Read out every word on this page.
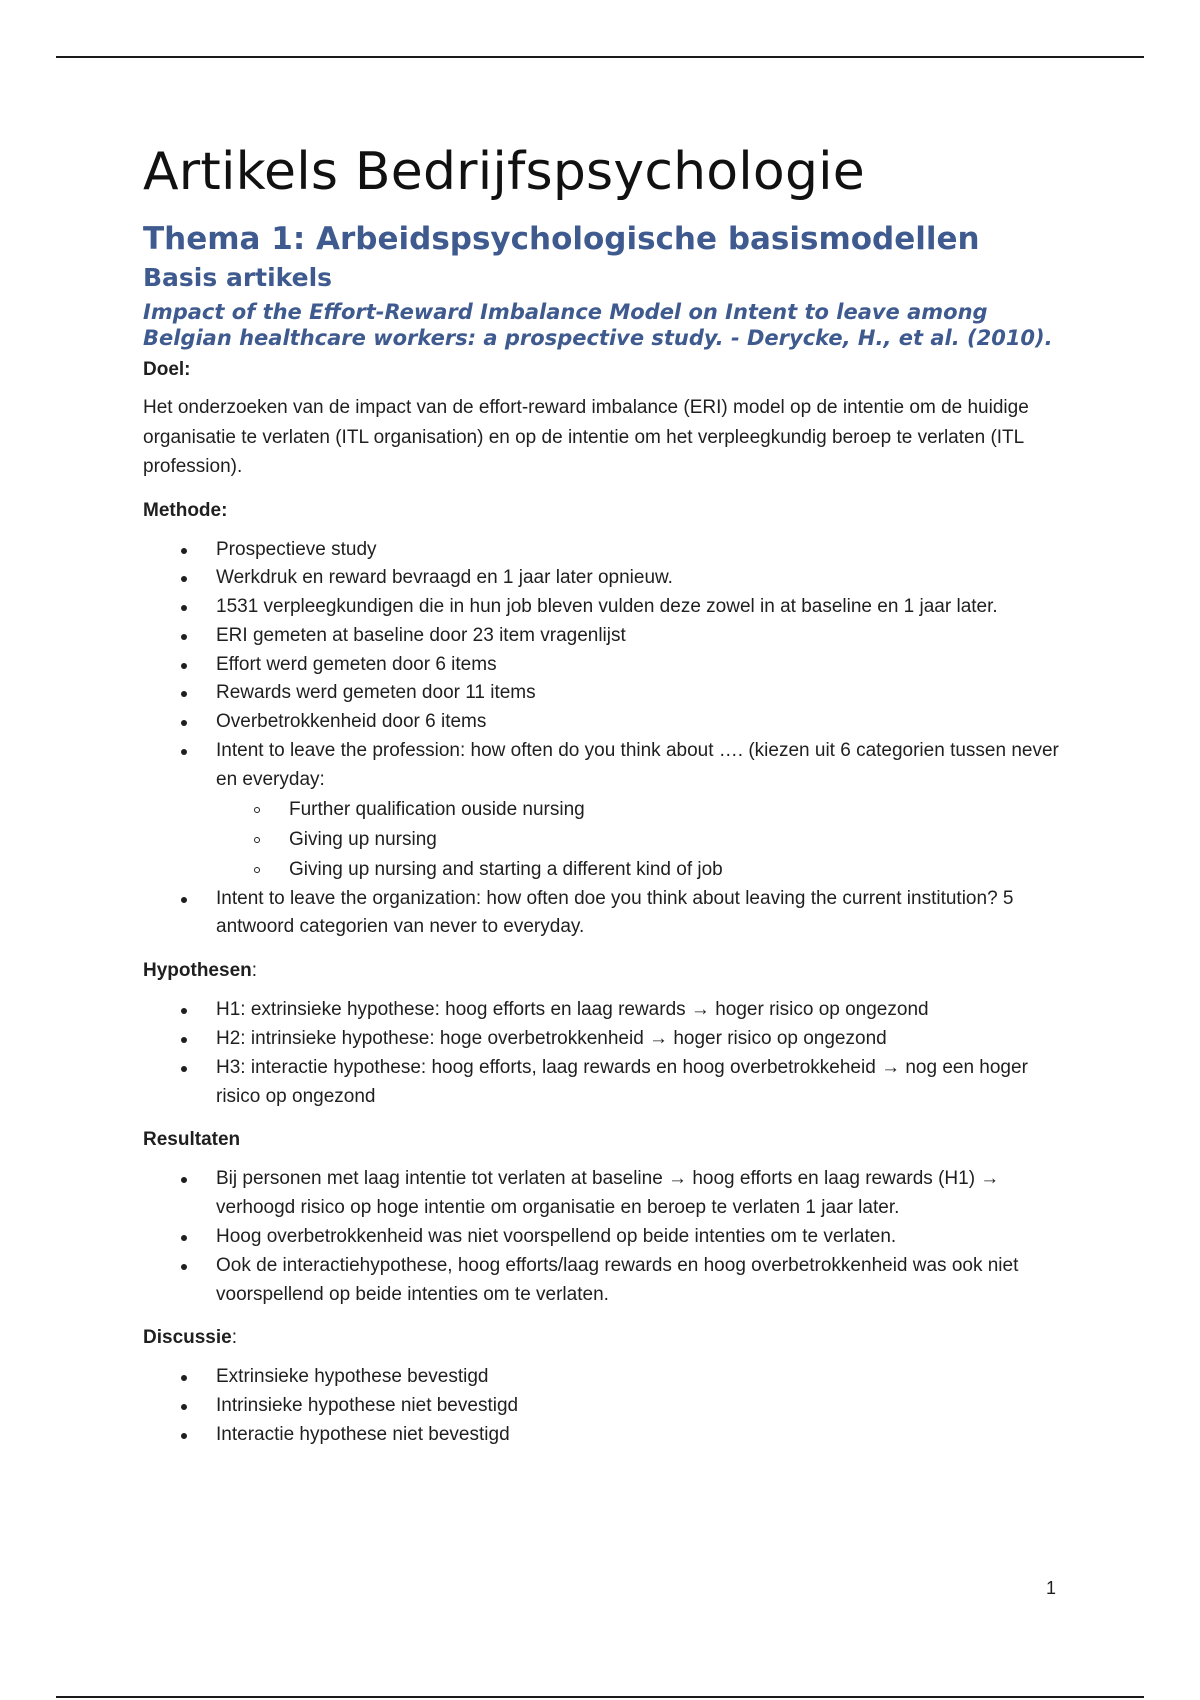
Artikels Bedrijfspsychologie
Thema 1: Arbeidspsychologische basismodellen
Basis artikels
Impact of the Effort-Reward Imbalance Model on Intent to leave among Belgian healthcare workers: a prospective study. - Derycke, H., et al. (2010).

Doel:

Het onderzoeken van de impact van de effort-reward imbalance (ERI) model op de intentie om de huidige organisatie te verlaten (ITL organisation) en op de intentie om het verpleegkundig beroep te verlaten (ITL profession).

Methode:

Prospectieve study
Werkdruk en reward bevraagd en 1 jaar later opnieuw.
1531 verpleegkundigen die in hun job bleven vulden deze zowel in at baseline en 1 jaar later.
ERI gemeten at baseline door 23 item vragenlijst
Effort werd gemeten door 6 items
Rewards werd gemeten door 11 items
Overbetrokkenheid door 6 items
Intent to leave the profession: how often do you think about …. (kiezen uit 6 categorien tussen never en everyday:
Further qualification ouside nursing
Giving up nursing
Giving up nursing and starting a different kind of job
Intent to leave the organization: how often doe you think about leaving the current institution? 5 antwoord categorien van never to everyday.

Hypothesen:

H1: extrinsieke hypothese: hoog efforts en laag rewards → hoger risico op ongezond
H2: intrinsieke hypothese: hoge overbetrokkenheid → hoger risico op ongezond
H3: interactie hypothese: hoog efforts, laag rewards en hoog overbetrokkeheid → nog een hoger risico op ongezond

Resultaten

Bij personen met laag intentie tot verlaten at baseline → hoog efforts en laag rewards (H1) → verhoogd risico op hoge intentie om organisatie en beroep te verlaten 1 jaar later.
Hoog overbetrokkenheid was niet voorspellend op beide intenties om te verlaten.
Ook de interactiehypothese, hoog efforts/laag rewards en hoog overbetrokkenheid was ook niet voorspellend op beide intenties om te verlaten.

Discussie:

Extrinsieke hypothese bevestigd
Intrinsieke hypothese niet bevestigd
Interactie hypothese niet bevestigd
1
